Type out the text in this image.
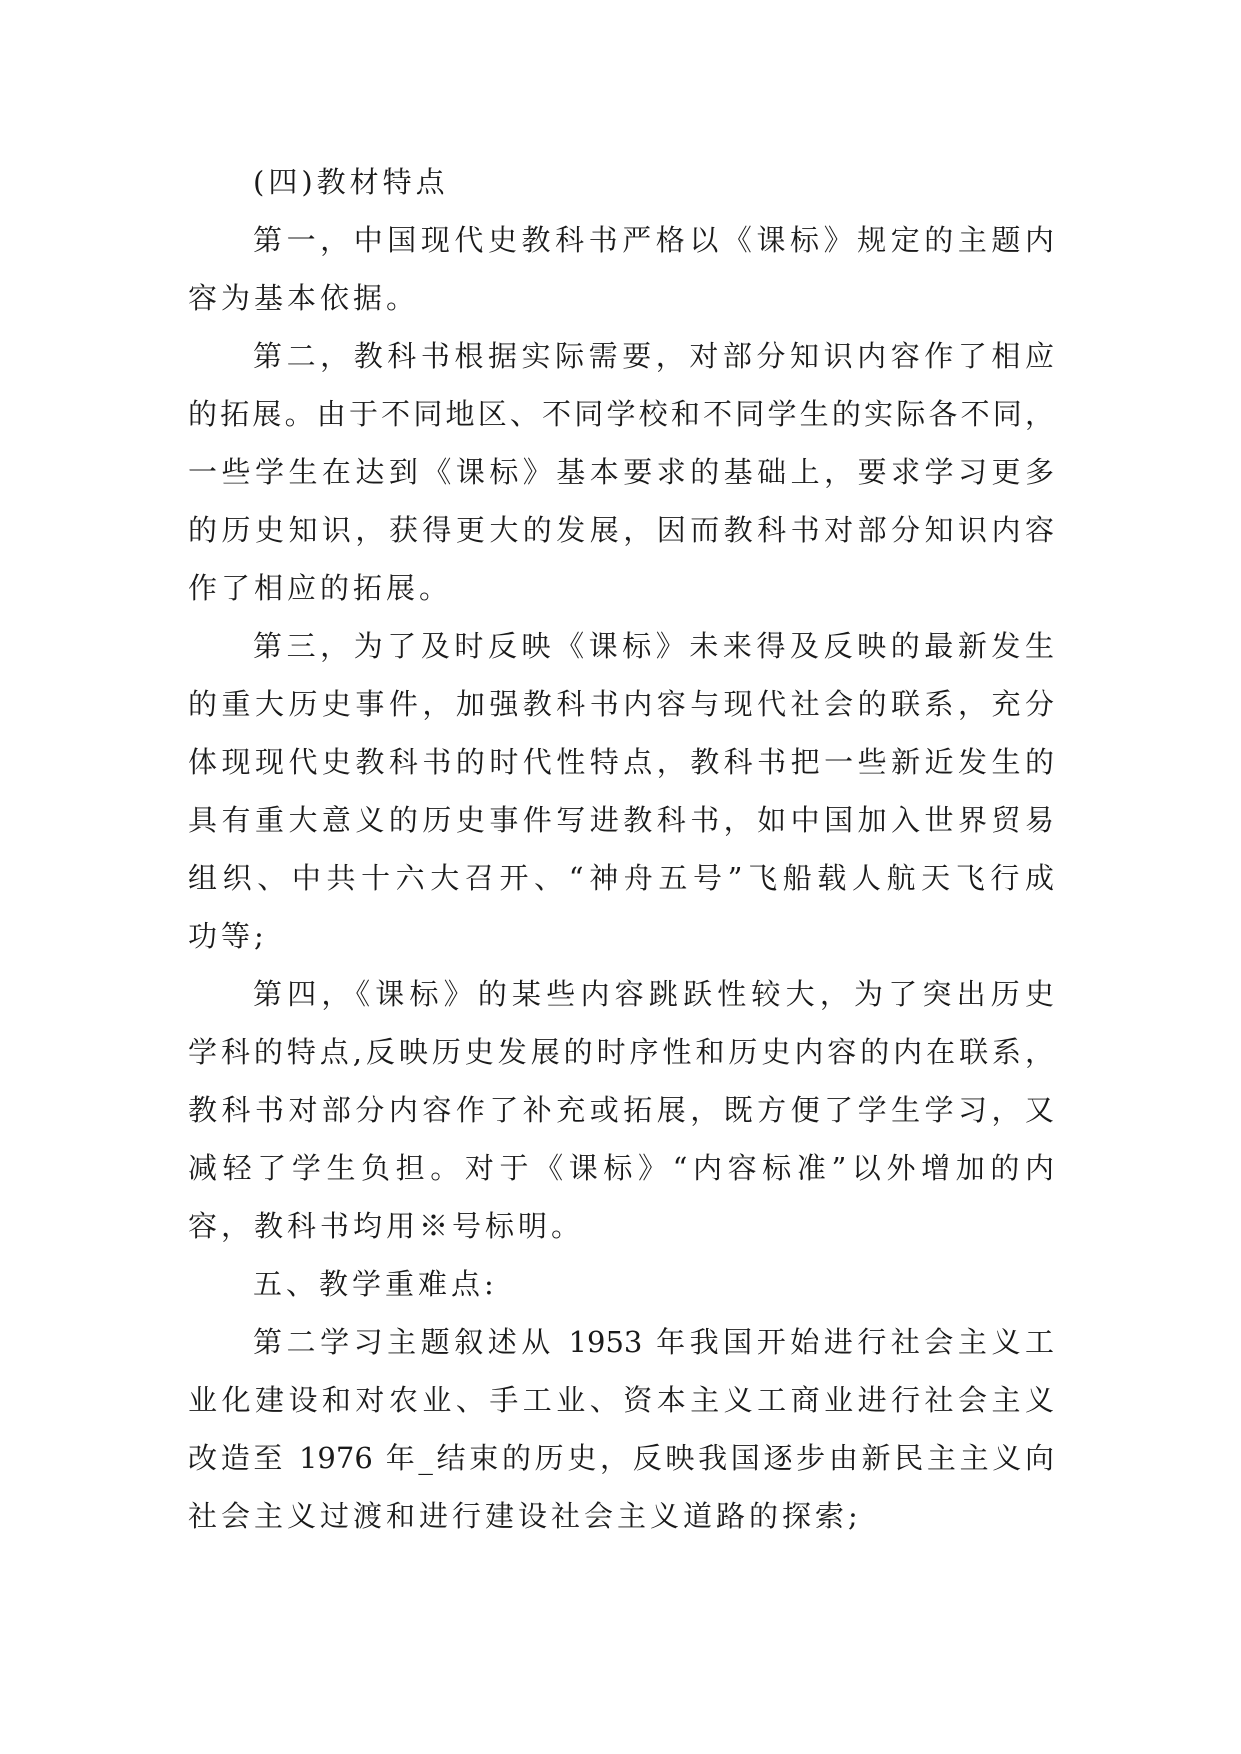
(四)教材特点
第一，中国现代史教科书严格以《课标》规定的主题内
容为基本依据。
第二，教科书根据实际需要，对部分知识内容作了相应
的拓展。由于不同地区、不同学校和不同学生的实际各不同，
一些学生在达到《课标》基本要求的基础上，要求学习更多
的历史知识，获得更大的发展，因而教科书对部分知识内容
作了相应的拓展。
第三，为了及时反映《课标》未来得及反映的最新发生
的重大历史事件，加强教科书内容与现代社会的联系，充分
体现现代史教科书的时代性特点，教科书把一些新近发生的
具有重大意义的历史事件写进教科书，如中国加入世界贸易
组织、中共十六大召开、“神舟五号”飞船载人航天飞行成
功等;
第四，《课标》的某些内容跳跃性较大，为了突出历史
学科的特点,反映历史发展的时序性和历史内容的内在联系，
教科书对部分内容作了补充或拓展，既方便了学生学习，又
减轻了学生负担。对于《课标》“内容标准”以外增加的内
容，教科书均用※号标明。
五、教学重难点:
第二学习主题叙述从 1953 年我国开始进行社会主义工
业化建设和对农业、手工业、资本主义工商业进行社会主义
改造至 1976 年_结束的历史，反映我国逐步由新民主主义向
社会主义过渡和进行建设社会主义道路的探索;
